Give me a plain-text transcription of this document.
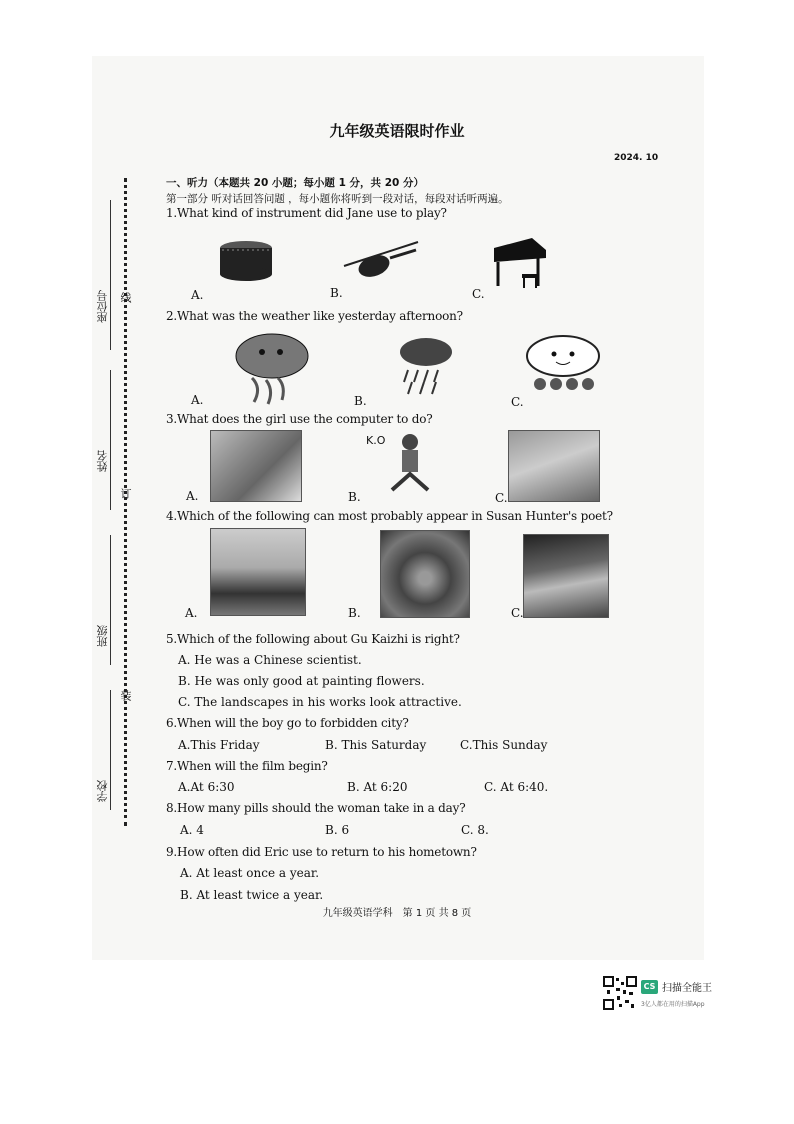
座位号
姓名
班级
学校
线
订
装
九年级英语限时作业
2024. 10
一、听力（本题共 20 小题；每小题 1 分，共 20 分）
第一部分 听对话回答问题 ，每小题你将听到一段对话，每段对话听两遍。
1.What kind of instrument did Jane use to play?
A.	B.	C.
2.What was the weather like yesterday afternoon?
A.	B.	C.
3.What does the girl use the computer to do?
K.O
A.	B.	C.
4.Which of the following can most probably appear in Susan Hunter's poet?
A.	B.	C.
5.Which of the following about Gu Kaizhi is right?
A. He was a Chinese scientist.
B. He was only good at painting flowers.
C. The landscapes in his works look attractive.
6.When will the boy go to forbidden city?
A.This Friday	B. This Saturday	C.This Sunday
7.When will the film begin?
A.At 6:30	B. At 6:20	C. At 6:40.
8.How many pills should the woman take in a day?
A. 4	B. 6	C. 8.
9.How often did Eric use to return to his hometown?
A. At least once a year.
B. At least twice a year.
九年级英语学科　第 1 页 共 8 页
CS 扫描全能王
3亿人都在用的扫描App
